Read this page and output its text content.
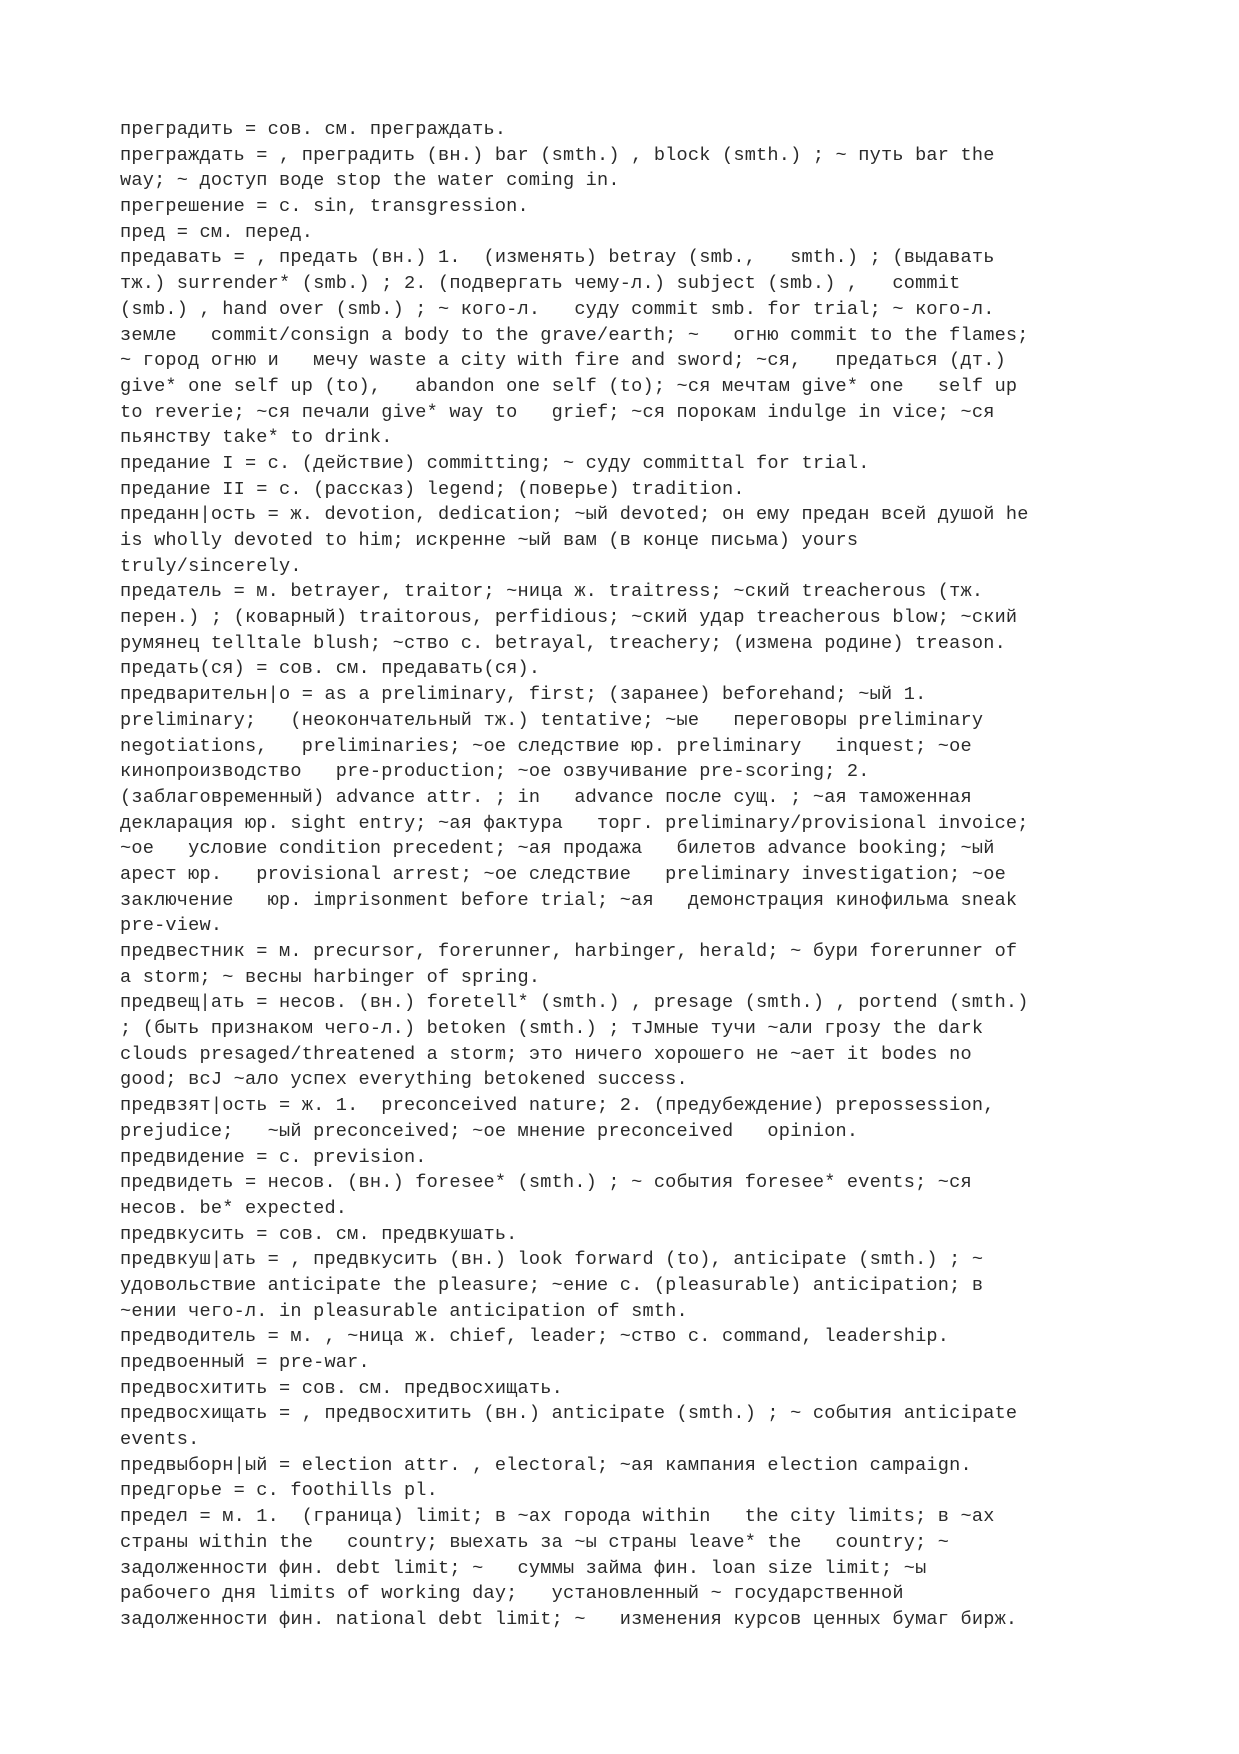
преградить = сов. см. преграждать.
преграждать = , преградить (вн.) bar (smth.) , block (smth.) ; ~ путь bar the
way; ~ доступ воде stop the water coming in.
прегрешение = с. sin, transgression.
пред = см. перед.
предавать = , предать (вн.) 1.  (изменять) betray (smb.,   smth.) ; (выдавать
тж.) surrender* (smb.) ; 2. (подвергать чему-л.) subject (smb.) ,   commit
(smb.) , hand over (smb.) ; ~ кого-л.   суду commit smb. for trial; ~ кого-л.
земле   commit/consign a body to the grave/earth; ~   огню commit to the flames;
~ город огню и   мечу waste a city with fire and sword; ~ся,   предаться (дт.)
give* one self up (to),   abandon one self (to); ~ся мечтам give* one   self up
to reverie; ~ся печали give* way to   grief; ~ся порокам indulge in vice; ~ся
пьянству take* to drink.
предание I = с. (действие) committing; ~ суду committal for trial.
предание II = с. (рассказ) legend; (поверье) tradition.
преданн|ость = ж. devotion, dedication; ~ый devoted; он ему предан всей душой he
is wholly devoted to him; искренне ~ый вам (в конце письма) yours
truly/sincerely.
предатель = м. betrayer, traitor; ~ница ж. traitress; ~ский treacherous (тж.
перен.) ; (коварный) traitorous, perfidious; ~ский удар treacherous blow; ~ский
румянец telltale blush; ~ство с. betrayal, treachery; (измена родине) treason.
предать(ся) = сов. см. предавать(ся).
предварительн|о = as a preliminary, first; (заранее) beforehand; ~ый 1.
preliminary;   (неокончательный тж.) tentative; ~ые   переговоры preliminary
negotiations,   preliminaries; ~ое следствие юр. preliminary   inquest; ~ое
кинопроизводство   pre-production; ~ое озвучивание pre-scoring; 2.
(заблаговременный) advance attr. ; in   advance после сущ. ; ~ая таможенная
декларация юр. sight entry; ~ая фактура   торг. preliminary/provisional invoice;
~ое   условие condition precedent; ~ая продажа   билетов advance booking; ~ый
арест юр.   provisional arrest; ~ое следствие   preliminary investigation; ~ое
заключение   юр. imprisonment before trial; ~ая   демонстрация кинофильма sneak
pre-view.
предвестник = м. precursor, forerunner, harbinger, herald; ~ бури forerunner of
a storm; ~ весны harbinger of spring.
предвещ|ать = несов. (вн.) foretell* (smth.) , presage (smth.) , portend (smth.)
; (быть признаком чего-л.) betoken (smth.) ; тЈмные тучи ~али грозу the dark
clouds presaged/threatened a storm; это ничего хорошего не ~ает it bodes no
good; всЈ ~ало успех everything betokened success.
предвзят|ость = ж. 1.  preconceived nature; 2. (предубеждение) prepossession,
prejudice;   ~ый preconceived; ~ое мнение preconceived   opinion.
предвидение = с. prevision.
предвидеть = несов. (вн.) foresee* (smth.) ; ~ события foresee* events; ~ся
несов. be* expected.
предвкусить = сов. см. предвкушать.
предвкуш|ать = , предвкусить (вн.) look forward (to), anticipate (smth.) ; ~
удовольствие anticipate the pleasure; ~ение с. (pleasurable) anticipation; в
~ении чего-л. in pleasurable anticipation of smth.
предводитель = м. , ~ница ж. chief, leader; ~ство с. command, leadership.
предвоенный = pre-war.
предвосхитить = сов. см. предвосхищать.
предвосхищать = , предвосхитить (вн.) anticipate (smth.) ; ~ события anticipate
events.
предвыборн|ый = election attr. , electoral; ~ая кампания election campaign.
предгорье = с. foothills pl.
предел = м. 1.  (граница) limit; в ~ах города within   the city limits; в ~ах
страны within the   country; выехать за ~ы страны leave* the   country; ~
задолженности фин. debt limit; ~   суммы займа фин. loan size limit; ~ы
рабочего дня limits of working day;   установленный ~ государственной
задолженности фин. national debt limit; ~   изменения курсов ценных бумаг бирж.
